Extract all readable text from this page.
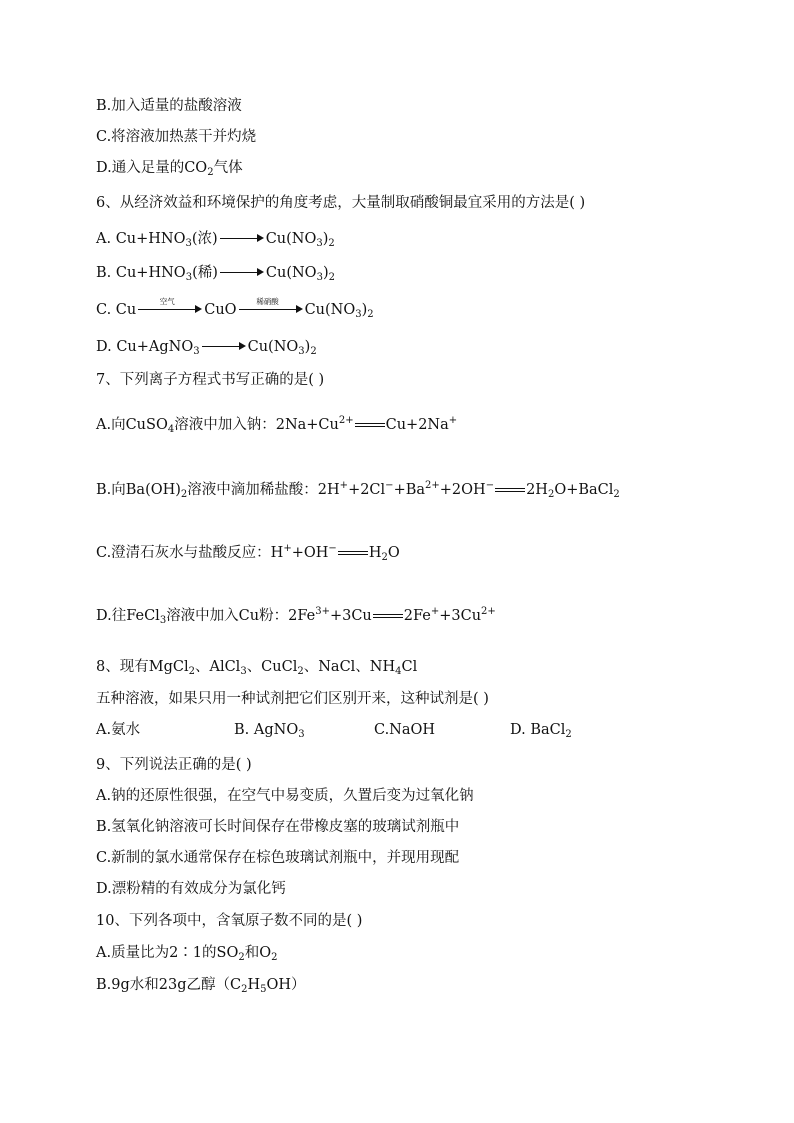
B.加入适量的盐酸溶液
C.将溶液加热蒸干并灼烧
D.通入足量的$CO_2$气体
6、从经济效益和环境保护的角度考虑，大量制取硝酸铜最宜采用的方法是( )
A. $Cu+HNO_3$(浓)	$Cu(NO_3)_2$
B. $Cu+HNO_3$(稀)	$Cu(NO_3)_2$
C. Cu
空气
CuO
稀硝酸
$Cu(NO_3)_2$
D. Cu+AgNO$_3$	$Cu(NO_3)_2$
7、下列离子方程式书写正确的是( )
A.向CuSO$_4$溶液中加入钠：$2Na+Cu^{2+}$ Cu+2Na+
B.向$Ba(OH)_2$溶液中滴加稀盐酸：$2H^++2Cl^-+Ba^{2+}+2OH^-$ $2H_2O+BaCl_2$
C.澄清石灰水与盐酸反应：H++OH− $H_2O$
D.往FeCl$_3$溶液中加入Cu粉：$2Fe^{3+}+3Cu$ $2Fe^++3Cu^{2+}$
8、现有MgCl$_2$、AlCl$_3$、CuCl$_2$、NaCl、$NH_4Cl$
五种溶液，如果只用一种试剂把它们区别开来，这种试剂是( )
A.氨水	B. AgNO$_3$	C.NaOH	D. BaCl$_2$
9、下列说法正确的是( )
A.钠的还原性很强，在空气中易变质，久置后变为过氧化钠
B.氢氧化钠溶液可长时间保存在带橡皮塞的玻璃试剂瓶中
C.新制的氯水通常保存在棕色玻璃试剂瓶中，并现用现配
D.漂粉精的有效成分为氯化钙
10、下列各项中，含氧原子数不同的是( )
A.质量比为2∶1的$SO_2$和$O_2$
B.9g水和23g乙醇$(C_2H_5OH)$
